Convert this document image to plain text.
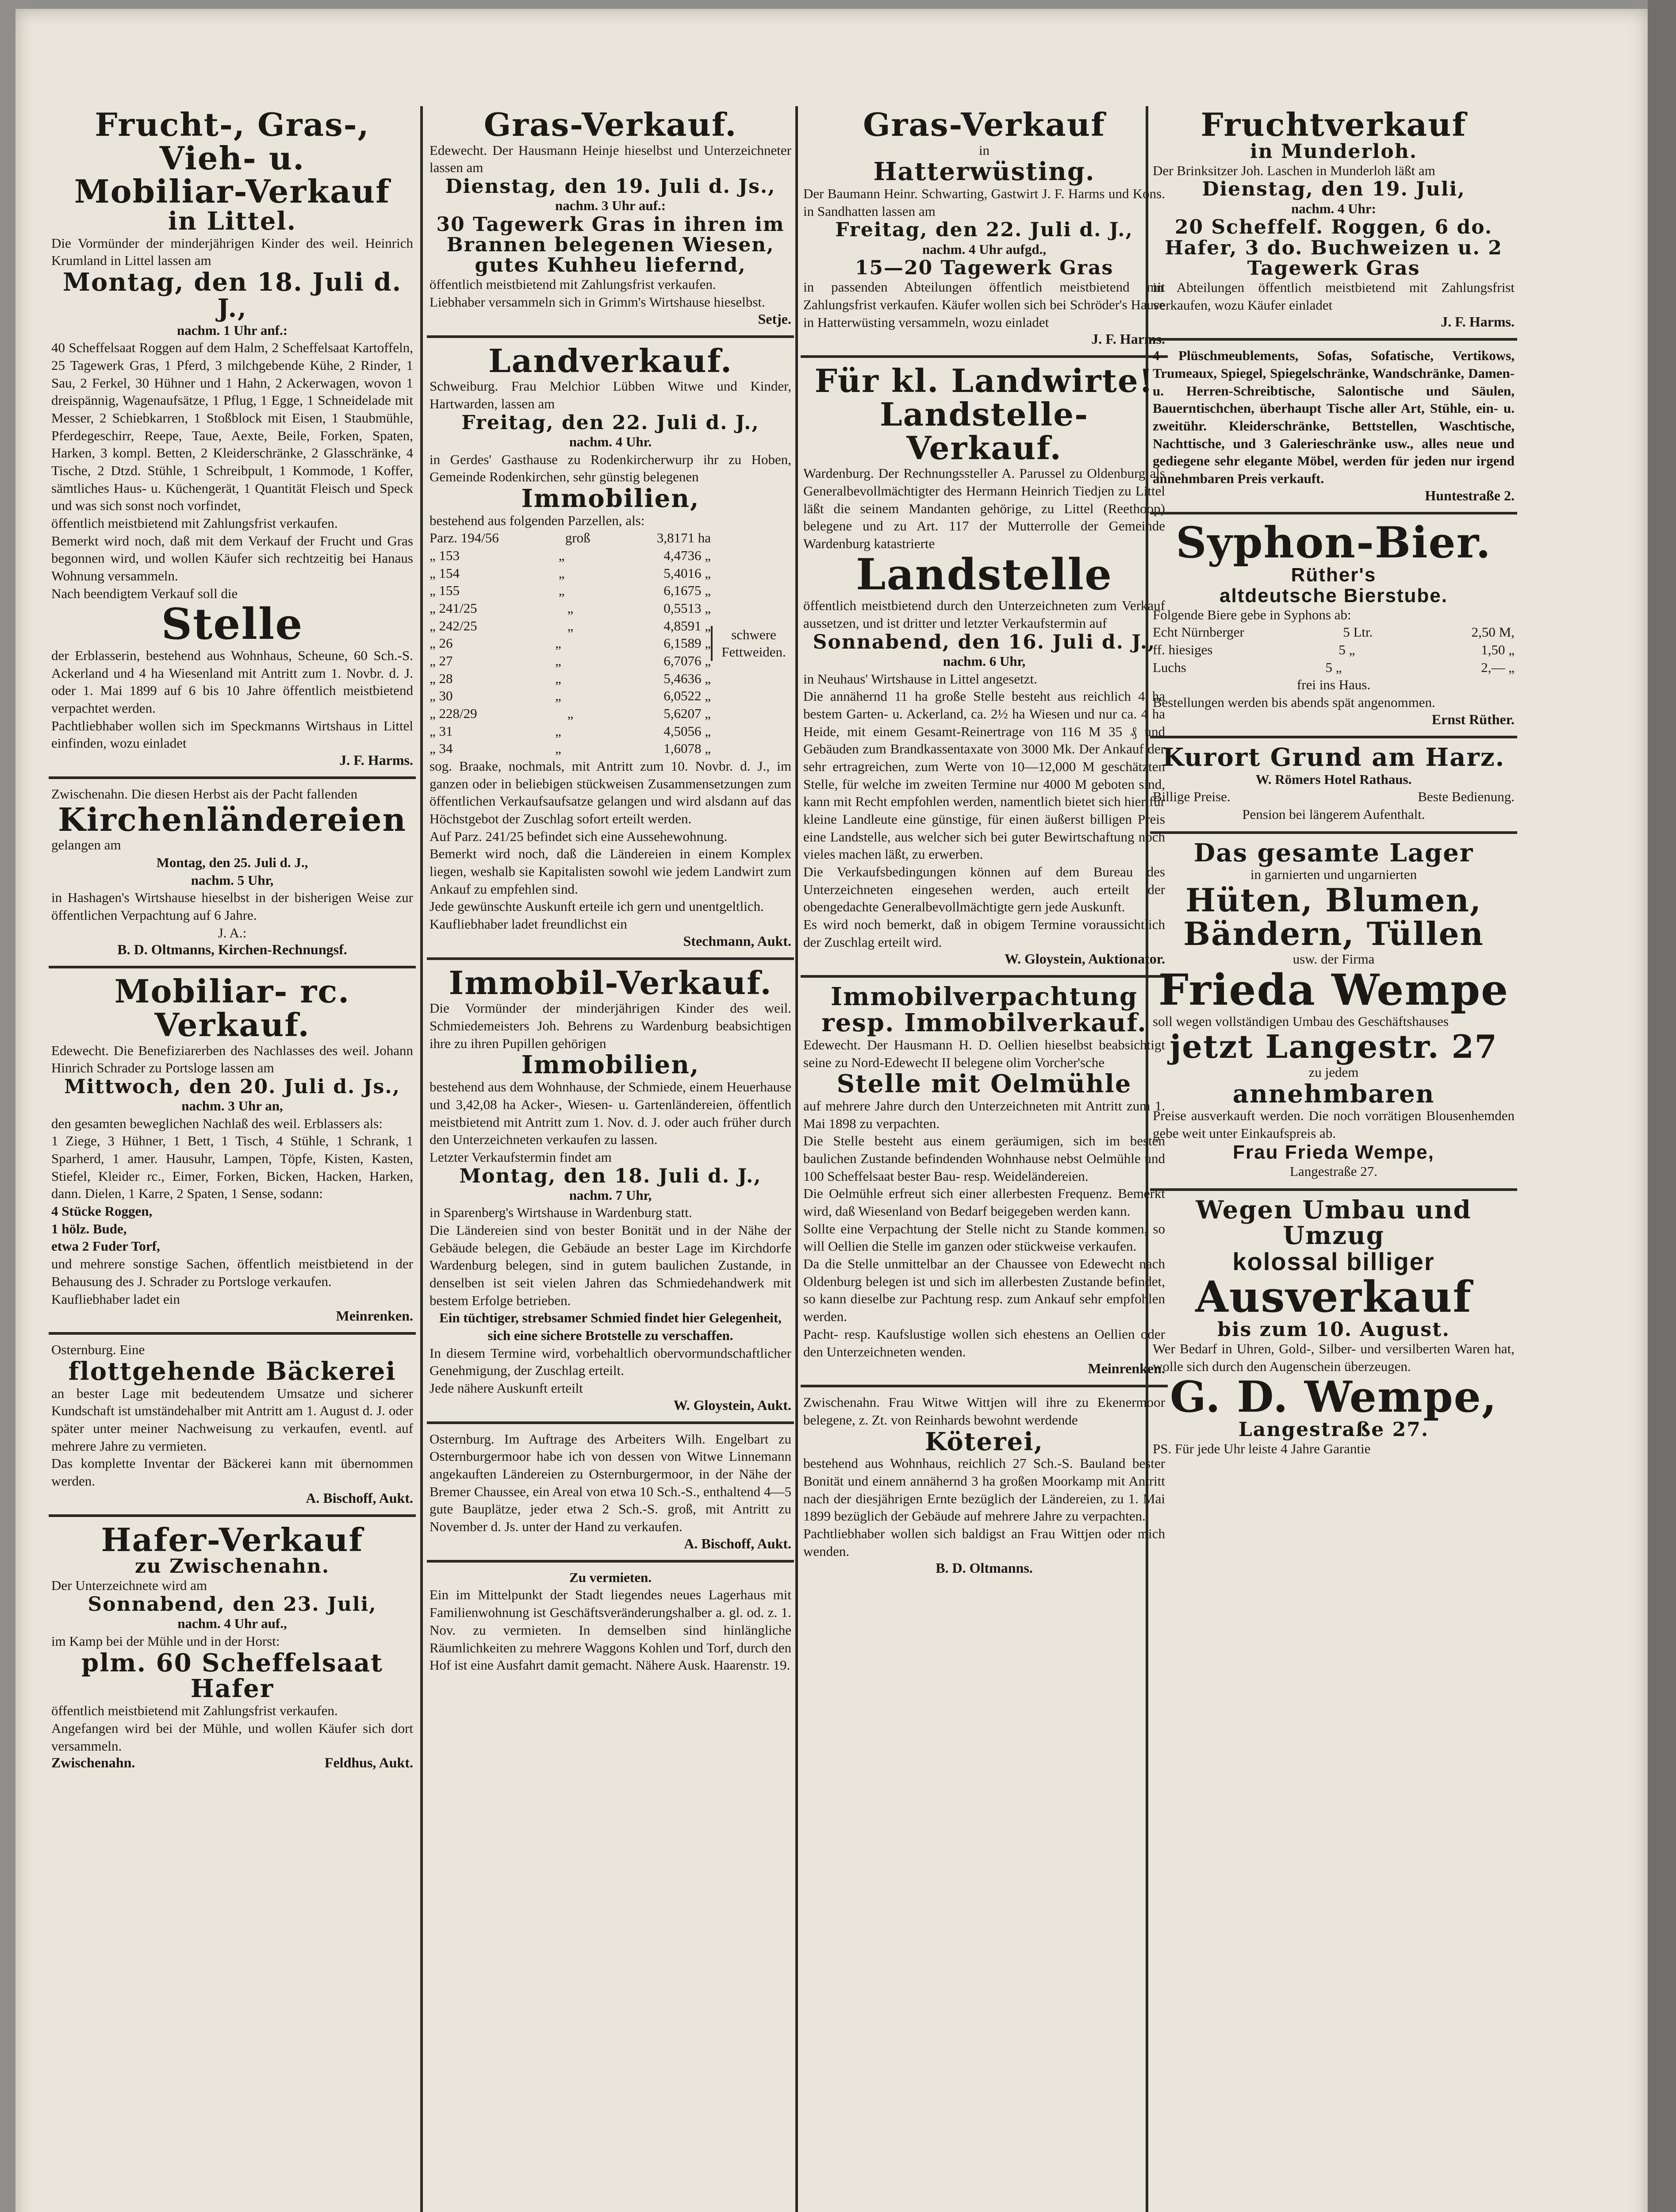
Frucht-, Gras-, Vieh- u.
Mobiliar-Verkauf
in Littel.
Die Vormünder der minderjährigen Kinder des weil. Heinrich Krumland in Littel lassen am
Montag, den 18. Juli d. J.,
nachm. 1 Uhr anf.:
40 Scheffelsaat Roggen auf dem Halm, 2 Scheffelsaat Kartoffeln, 25 Tagewerk Gras, 1 Pferd, 3 milchgebende Kühe, 2 Rinder, 1 Sau, 2 Ferkel, 30 Hühner und 1 Hahn, 2 Ackerwagen, wovon 1 dreispännig, Wagenaufsätze, 1 Pflug, 1 Egge, 1 Schneidelade mit Messer, 2 Schiebkarren, 1 Stoßblock mit Eisen, 1 Staubmühle, Pferdegeschirr, Reepe, Taue, Aexte, Beile, Forken, Spaten, Harken, 3 kompl. Betten, 2 Kleiderschränke, 2 Glasschränke, 4 Tische, 2 Dtzd. Stühle, 1 Schreibpult, 1 Kommode, 1 Koffer, sämtliches Haus- u. Küchengerät, 1 Quantität Fleisch und Speck und was sich sonst noch vorfindet,
öffentlich meistbietend mit Zahlungsfrist verkaufen.
Bemerkt wird noch, daß mit dem Verkauf der Frucht und Gras begonnen wird, und wollen Käufer sich rechtzeitig bei Hanaus Wohnung versammeln.
Nach beendigtem Verkauf soll die
Stelle
der Erblasserin, bestehend aus Wohnhaus, Scheune, 60 Sch.-S. Ackerland und 4 ha Wiesenland mit Antritt zum 1. Novbr. d. J. oder 1. Mai 1899 auf 6 bis 10 Jahre öffentlich meistbietend verpachtet werden.
Pachtliebhaber wollen sich im Speckmanns Wirtshaus in Littel einfinden, wozu einladet
J. F. Harms.
Zwischenahn. Die diesen Herbst ais der Pacht fallenden
Kirchenländereien
gelangen am
Montag, den 25. Juli d. J.,
nachm. 5 Uhr,
in Hashagen's Wirtshause hieselbst in der bisherigen Weise zur öffentlichen Verpachtung auf 6 Jahre.
J. A.:
B. D. Oltmanns, Kirchen-Rechnungsf.
Mobiliar- rc. Verkauf.
Edewecht. Die Benefiziarerben des Nachlasses des weil. Johann Hinrich Schrader zu Portsloge lassen am
Mittwoch, den 20. Juli d. Js.,
nachm. 3 Uhr an,
den gesamten beweglichen Nachlaß des weil. Erblassers als:
1 Ziege, 3 Hühner, 1 Bett, 1 Tisch, 4 Stühle, 1 Schrank, 1 Sparherd, 1 amer. Hausuhr, Lampen, Töpfe, Kisten, Kasten, Stiefel, Kleider rc., Eimer, Forken, Bicken, Hacken, Harken, dann. Dielen, 1 Karre, 2 Spaten, 1 Sense, sodann:
4 Stücke Roggen,
1 hölz. Bude,
etwa 2 Fuder Torf,
und mehrere sonstige Sachen, öffentlich meistbietend in der Behausung des J. Schrader zu Portsloge verkaufen.
Kaufliebhaber ladet ein
Meinrenken.
Osternburg. Eine
flottgehende Bäckerei
an bester Lage mit bedeutendem Umsatze und sicherer Kundschaft ist umständehalber mit Antritt am 1. August d. J. oder später unter meiner Nachweisung zu verkaufen, eventl. auf mehrere Jahre zu vermieten.
Das komplette Inventar der Bäckerei kann mit übernommen werden.
A. Bischoff, Aukt.
Hafer-Verkauf
zu Zwischenahn.
Der Unterzeichnete wird am
Sonnabend, den 23. Juli,
nachm. 4 Uhr auf.,
im Kamp bei der Mühle und in der Horst:
plm. 60 Scheffelsaat
Hafer
öffentlich meistbietend mit Zahlungsfrist verkaufen.
Angefangen wird bei der Mühle, und wollen Käufer sich dort versammeln.
Zwischenahn.	Feldhus, Aukt.
Gras-Verkauf.
Edewecht. Der Hausmann Heinje hieselbst und Unterzeichneter lassen am
Dienstag, den 19. Juli d. Js.,
nachm. 3 Uhr auf.:
30 Tagewerk Gras in ihren im Brannen belegenen Wiesen, gutes Kuhheu liefernd,
öffentlich meistbietend mit Zahlungsfrist verkaufen.
Liebhaber versammeln sich in Grimm's Wirtshause hieselbst.
Setje.
Landverkauf.
Schweiburg. Frau Melchior Lübben Witwe und Kinder, Hartwarden, lassen am
Freitag, den 22. Juli d. J.,
nachm. 4 Uhr.
in Gerdes' Gasthause zu Rodenkircherwurp ihr zu Hoben, Gemeinde Rodenkirchen, sehr günstig belegenen
Immobilien,
bestehend aus folgenden Parzellen, als:
Parz. 194/56	groß	3,8171 ha
„ 153	„	4,4736 „
„ 154	„	5,4016 „
„ 155	„	6,1675 „
„ 241/25	„	0,5513 „
„ 242/25	„	4,8591 „
„ 26	„	6,1589 „
„ 27	„	6,7076 „
„ 28	„	5,4636 „
„ 30	„	6,0522 „
„ 228/29	„	5,6207 „
„ 31	„	4,5056 „
„ 34	„	1,6078 „
schwere Fettweiden.
sog. Braake, nochmals, mit Antritt zum 10. Novbr. d. J., im ganzen oder in beliebigen stückweisen Zusammensetzungen zum öffentlichen Verkaufsaufsatze gelangen und wird alsdann auf das Höchstgebot der Zuschlag sofort erteilt werden.
Auf Parz. 241/25 befindet sich eine Aussehewohnung.
Bemerkt wird noch, daß die Ländereien in einem Komplex liegen, weshalb sie Kapitalisten sowohl wie jedem Landwirt zum Ankauf zu empfehlen sind.
Jede gewünschte Auskunft erteile ich gern und unentgeltlich.
Kaufliebhaber ladet freundlichst ein
Stechmann, Aukt.
Immobil-Verkauf.
Die Vormünder der minderjährigen Kinder des weil. Schmiedemeisters Joh. Behrens zu Wardenburg beabsichtigen ihre zu ihren Pupillen gehörigen
Immobilien,
bestehend aus dem Wohnhause, der Schmiede, einem Heuerhause und 3,42,08 ha Acker-, Wiesen- u. Gartenländereien, öffentlich meistbietend mit Antritt zum 1. Nov. d. J. oder auch früher durch den Unterzeichneten verkaufen zu lassen.
Letzter Verkaufstermin findet am
Montag, den 18. Juli d. J.,
nachm. 7 Uhr,
in Sparenberg's Wirtshause in Wardenburg statt.
Die Ländereien sind von bester Bonität und in der Nähe der Gebäude belegen, die Gebäude an bester Lage im Kirchdorfe Wardenburg belegen, sind in gutem baulichen Zustande, in denselben ist seit vielen Jahren das Schmiedehandwerk mit bestem Erfolge betrieben.
Ein tüchtiger, strebsamer Schmied findet hier Gelegenheit, sich eine sichere Brotstelle zu verschaffen.
In diesem Termine wird, vorbehaltlich obervormundschaftlicher Genehmigung, der Zuschlag erteilt.
Jede nähere Auskunft erteilt
W. Gloystein, Aukt.
Osternburg. Im Auftrage des Arbeiters Wilh. Engelbart zu Osternburgermoor habe ich von dessen von Witwe Linnemann angekauften Ländereien zu Osternburgermoor, in der Nähe der Bremer Chaussee, ein Areal von etwa 10 Sch.-S., enthaltend 4—5 gute Bauplätze, jeder etwa 2 Sch.-S. groß, mit Antritt zu November d. Js. unter der Hand zu verkaufen.
A. Bischoff, Aukt.
Zu vermieten.
Ein im Mittelpunkt der Stadt liegendes neues Lagerhaus mit Familienwohnung ist Geschäftsveränderungshalber a. gl. od. z. 1. Nov. zu vermieten. In demselben sind hinlängliche Räumlichkeiten zu mehrere Waggons Kohlen und Torf, durch den Hof ist eine Ausfahrt damit gemacht. Nähere Ausk. Haarenstr. 19.
Gras-Verkauf
in
Hatterwüsting.
Der Baumann Heinr. Schwarting, Gastwirt J. F. Harms und Kons. in Sandhatten lassen am
Freitag, den 22. Juli d. J.,
nachm. 4 Uhr aufgd.,
15—20 Tagewerk Gras
in passenden Abteilungen öffentlich meistbietend mit Zahlungsfrist verkaufen. Käufer wollen sich bei Schröder's Hause in Hatterwüsting versammeln, wozu einladet
J. F. Harms.
Für kl. Landwirte!
Landstelle-Verkauf.
Wardenburg. Der Rechnungssteller A. Parussel zu Oldenburg als Generalbevollmächtigter des Hermann Heinrich Tiedjen zu Littel läßt die seinem Mandanten gehörige, zu Littel (Reethoop) belegene und zu Art. 117 der Mutterrolle der Gemeinde Wardenburg katastrierte
Landstelle
öffentlich meistbietend durch den Unterzeichneten zum Verkauf aussetzen, und ist dritter und letzter Verkaufstermin auf
Sonnabend, den 16. Juli d. J.,
nachm. 6 Uhr,
in Neuhaus' Wirtshause in Littel angesetzt.
Die annähernd 11 ha große Stelle besteht aus reichlich 4 ha bestem Garten- u. Ackerland, ca. 2½ ha Wiesen und nur ca. 4 ha Heide, mit einem Gesamt-Reinertrage von 116 M 35 ₰ und Gebäuden zum Brandkassentaxate von 3000 Mk. Der Ankauf der sehr ertragreichen, zum Werte von 10—12,000 M geschätzten Stelle, für welche im zweiten Termine nur 4000 M geboten sind, kann mit Recht empfohlen werden, namentlich bietet sich hier für kleine Landleute eine günstige, für einen äußerst billigen Preis eine Landstelle, aus welcher sich bei guter Bewirtschaftung noch vieles machen läßt, zu erwerben.
Die Verkaufsbedingungen können auf dem Bureau des Unterzeichneten eingesehen werden, auch erteilt der obengedachte Generalbevollmächtigte gern jede Auskunft.
Es wird noch bemerkt, daß in obigem Termine voraussichtlich der Zuschlag erteilt wird.
W. Gloystein, Auktionator.
Immobilverpachtung resp. Immobilverkauf.
Edewecht. Der Hausmann H. D. Oellien hieselbst beabsichtigt seine zu Nord-Edewecht II belegene olim Vorcher'sche
Stelle mit Oelmühle
auf mehrere Jahre durch den Unterzeichneten mit Antritt zum 1. Mai 1898 zu verpachten.
Die Stelle besteht aus einem geräumigen, sich im besten baulichen Zustande befindenden Wohnhause nebst Oelmühle und 100 Scheffelsaat bester Bau- resp. Weideländereien.
Die Oelmühle erfreut sich einer allerbesten Frequenz. Bemerkt wird, daß Wiesenland von Bedarf beigegeben werden kann.
Sollte eine Verpachtung der Stelle nicht zu Stande kommen, so will Oellien die Stelle im ganzen oder stückweise verkaufen.
Da die Stelle unmittelbar an der Chaussee von Edewecht nach Oldenburg belegen ist und sich im allerbesten Zustande befindet, so kann dieselbe zur Pachtung resp. zum Ankauf sehr empfohlen werden.
Pacht- resp. Kaufslustige wollen sich ehestens an Oellien oder den Unterzeichneten wenden.
Meinrenken.
Zwischenahn. Frau Witwe Wittjen will ihre zu Ekenermoor belegene, z. Zt. von Reinhards bewohnt werdende
Köterei,
bestehend aus Wohnhaus, reichlich 27 Sch.-S. Bauland bester Bonität und einem annähernd 3 ha großen Moorkamp mit Antritt nach der diesjährigen Ernte bezüglich der Ländereien, zu 1. Mai 1899 bezüglich der Gebäude auf mehrere Jahre zu verpachten.
Pachtliebhaber wollen sich baldigst an Frau Wittjen oder mich wenden.
B. D. Oltmanns.
Fruchtverkauf
in Munderloh.
Der Brinksitzer Joh. Laschen in Munderloh läßt am
Dienstag, den 19. Juli,
nachm. 4 Uhr:
20 Scheffelf. Roggen, 6 do. Hafer, 3 do. Buchweizen u. 2 Tagewerk Gras
in Abteilungen öffentlich meistbietend mit Zahlungsfrist verkaufen, wozu Käufer einladet
J. F. Harms.
4 Plüschmeublements, Sofas, Sofatische, Vertikows, Trumeaux, Spiegel, Spiegelschränke, Wandschränke, Damen- u. Herren-Schreibtische, Salontische und Säulen, Bauerntischchen, überhaupt Tische aller Art, Stühle, ein- u. zweitühr. Kleiderschränke, Bettstellen, Waschtische, Nachttische, und 3 Galerieschränke usw., alles neue und gediegene sehr elegante Möbel, werden für jeden nur irgend annehmbaren Preis verkauft.
Huntestraße 2.
Syphon-Bier.
Rüther's
altdeutsche Bierstube.
Folgende Biere gebe in Syphons ab:
Echt Nürnberger	5 Ltr.	2,50 M,
ff. hiesiges	5 „	1,50 „
Luchs	5 „	2,— „
frei ins Haus.
Bestellungen werden bis abends spät angenommen.
Ernst Rüther.
Kurort Grund am Harz.
W. Römers Hotel Rathaus.
Billige Preise.	Beste Bedienung.
Pension bei längerem Aufenthalt.
Das gesamte Lager
in garnierten und ungarnierten
Hüten, Blumen, Bändern, Tüllen
usw. der Firma
Frieda Wempe
soll wegen vollständigen Umbau des Geschäftshauses
jetzt Langestr. 27
zu jedem
annehmbaren
Preise ausverkauft werden. Die noch vorrätigen Blousenhemden gebe weit unter Einkaufspreis ab.
Frau Frieda Wempe,
Langestraße 27.
Wegen Umbau und Umzug
kolossal billiger
Ausverkauf
bis zum 10. August.
Wer Bedarf in Uhren, Gold-, Silber- und versilberten Waren hat, wolle sich durch den Augenschein überzeugen.
G. D. Wempe,
Langestraße 27.
PS. Für jede Uhr leiste 4 Jahre Garantie
